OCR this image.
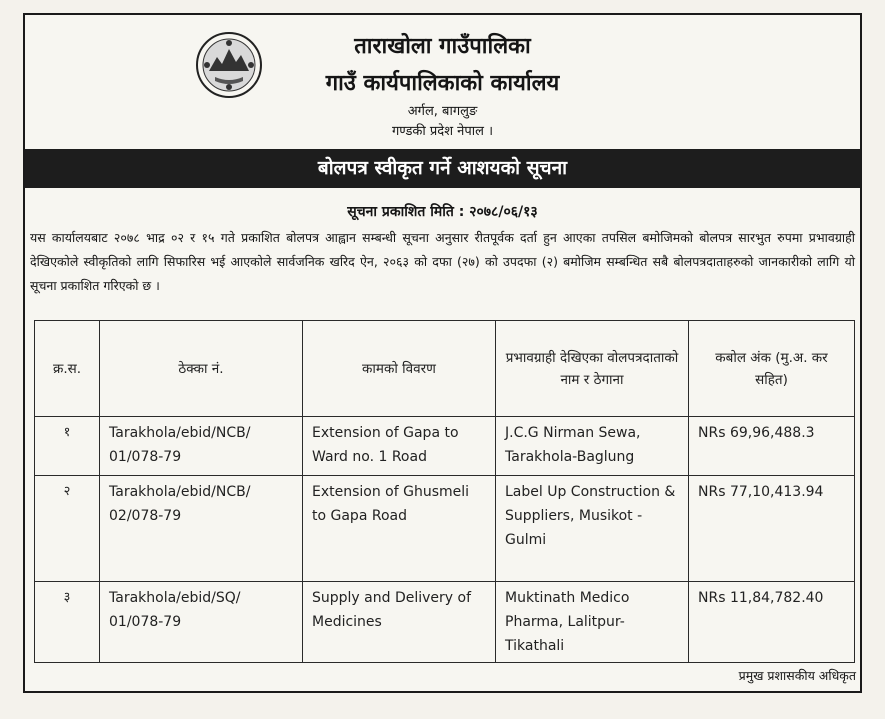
ताराखोला गाउँपालिका
गाउँ कार्यपालिकाको कार्यालय
अर्गल, बागलुङ
गण्डकी प्रदेश नेपाल ।
बोलपत्र स्वीकृत गर्ने आशयको सूचना
सूचना प्रकाशित मिति : २०७८/०६/१३
यस कार्यालयबाट २०७८ भाद्र ०२ र १५ गते प्रकाशित बोलपत्र आह्वान सम्बन्धी सूचना अनुसार रीतपूर्वक दर्ता हुन आएका तपसिल बमोजिमको बोलपत्र सारभुत रुपमा प्रभावग्राही देखिएकोले स्वीकृतिको लागि सिफारिस भई आएकोले सार्वजनिक खरिद ऐन, २०६३ को दफा (२७) को उपदफा (२) बमोजिम सम्बन्धित सबै बोलपत्रदाताहरुको जानकारीको लागि यो सूचना प्रकाशित गरिएको छ ।
क्र.स.	ठेक्का नं.	कामको विवरण	प्रभावग्राही देखिएका वोलपत्रदाताको नाम र ठेगाना	कबोल अंक (मु.अ. कर सहित)
१	Tarakhola/ebid/NCB/ 01/078-79	Extension of Gapa to Ward no. 1 Road	J.C.G Nirman Sewa, Tarakhola-Baglung	NRs 69,96,488.3
२	Tarakhola/ebid/NCB/ 02/078-79	Extension of Ghusmeli to Gapa Road	Label Up Construction & Suppliers, Musikot - Gulmi	NRs 77,10,413.94
३	Tarakhola/ebid/SQ/ 01/078-79	Supply and Delivery of Medicines	Muktinath Medico Pharma, Lalitpur-Tikathali	NRs 11,84,782.40
प्रमुख प्रशासकीय अधिकृत
